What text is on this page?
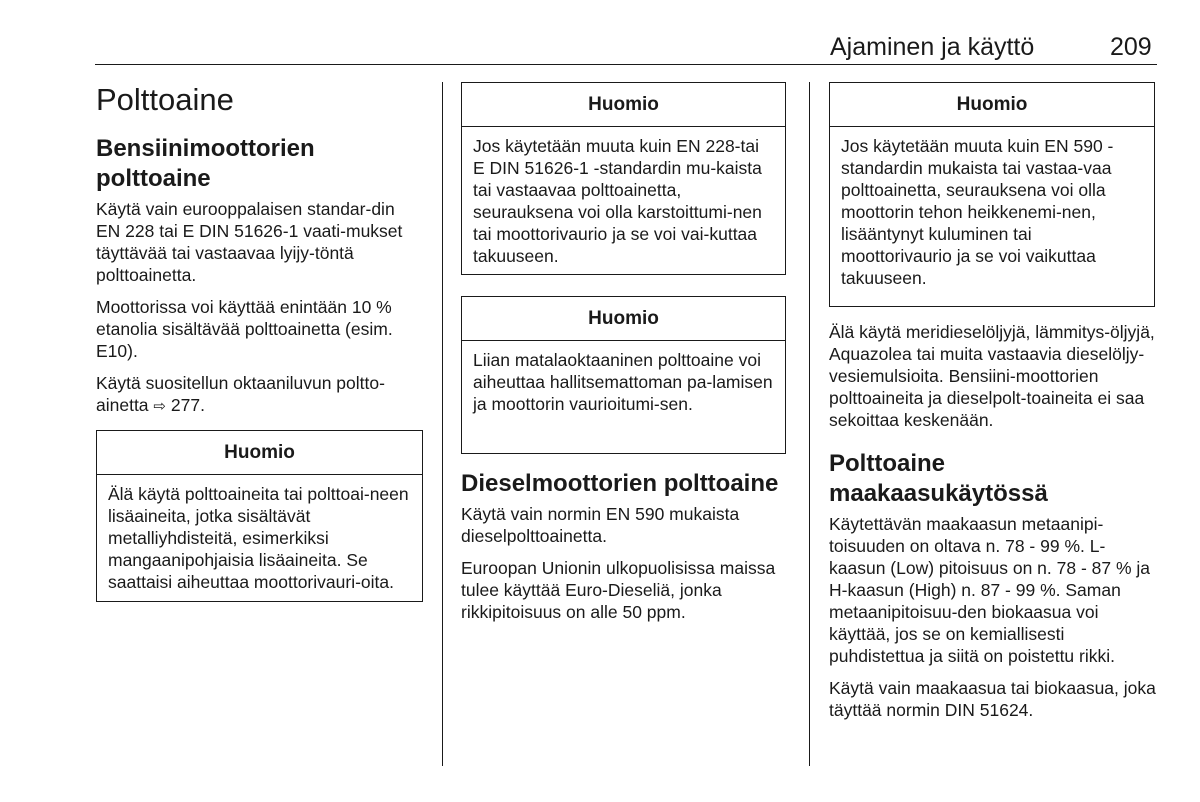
Ajaminen ja käyttö	209
Polttoaine
Bensiinimoottorien polttoaine

Käytä vain eurooppalaisen standar-din EN 228 tai E DIN 51626-1 vaati-mukset täyttävää tai vastaavaa lyijy-töntä polttoainetta.

Moottorissa voi käyttää enintään 10 % etanolia sisältävää polttoainetta (esim. E10).

Käytä suositellun oktaaniluvun poltto-ainetta ⇨ 277.

Huomio
Älä käytä polttoaineita tai polttoai-neen lisäaineita, jotka sisältävät metalliyhdisteitä, esimerkiksi mangaanipohjaisia lisäaineita. Se saattaisi aiheuttaa moottorivauri-oita.
Huomio
Jos käytetään muuta kuin EN 228-tai E DIN 51626-1 -standardin mu-kaista tai vastaavaa polttoainetta, seurauksena voi olla karstoittumi-nen tai moottorivaurio ja se voi vai-kuttaa takuuseen.
Huomio
Liian matalaoktaaninen polttoaine voi aiheuttaa hallitsemattoman pa-lamisen ja moottorin vaurioitumi-sen.
Dieselmoottorien polttoaine

Käytä vain normin EN 590 mukaista dieselpolttoainetta.

Euroopan Unionin ulkopuolisissa maissa tulee käyttää Euro-Dieseliä, jonka rikkipitoisuus on alle 50 ppm.

Huomio
Jos käytetään muuta kuin EN 590 -standardin mukaista tai vastaa-vaa polttoainetta, seurauksena voi olla moottorin tehon heikkenemi-nen, lisääntynyt kuluminen tai moottorivaurio ja se voi vaikuttaa takuuseen.

Älä käytä meridieselöljyjä, lämmitys-öljyjä, Aquazolea tai muita vastaavia dieselöljy-vesiemulsioita. Bensiini-moottorien polttoaineita ja dieselpolt-toaineita ei saa sekoittaa keskenään.

Polttoaine maakaasukäytössä

Käytettävän maakaasun metaanipi-toisuuden on oltava n. 78 - 99 %. L-kaasun (Low) pitoisuus on n. 78 - 87 % ja H-kaasun (High) n. 87 - 99 %. Saman metaanipitoisuu-den biokaasua voi käyttää, jos se on kemiallisesti puhdistettua ja siitä on poistettu rikki.

Käytä vain maakaasua tai biokaasua, joka täyttää normin DIN 51624.
